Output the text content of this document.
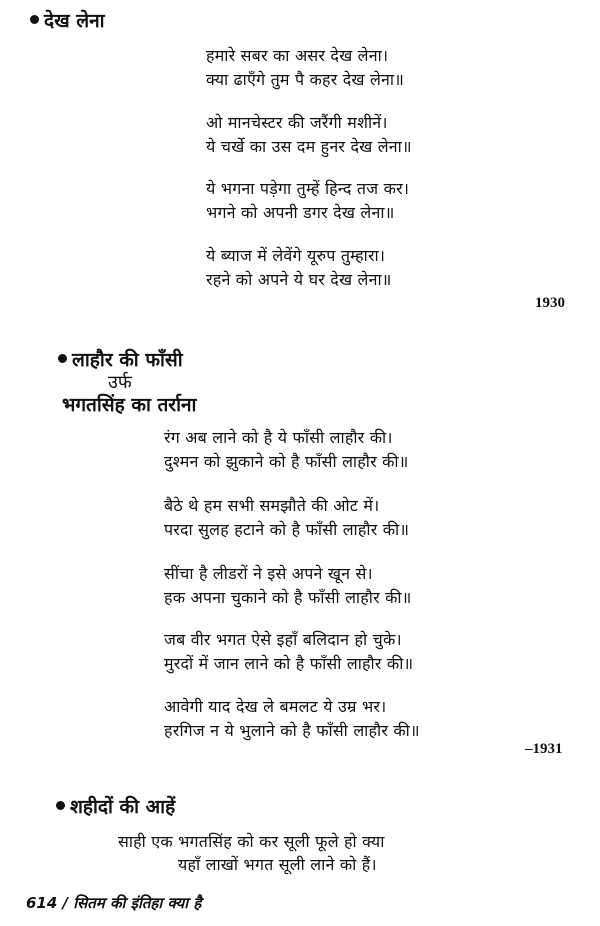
देख लेना
हमारे सबर का असर देख लेना।
क्या ढाएँगे तुम पै कहर देख लेना॥
ओ मानचेस्टर की जरैंगी मशीनें।
ये चर्खे का उस दम हुनर देख लेना॥
ये भगना पड़ेगा तुम्हें हिन्द तज कर।
भगने को अपनी डगर देख लेना॥
ये ब्याज में लेवेंगे यूरुप तुम्हारा।
रहने को अपने ये घर देख लेना॥
1930
लाहौर की फाँसी
उर्फ
भगतसिंह का तर्राना
रंग अब लाने को है ये फाँसी लाहौर की।
दुश्मन को झुकाने को है फाँसी लाहौर की॥
बैठे थे हम सभी समझौते की ओट में।
परदा सुलह हटाने को है फाँसी लाहौर की॥
सींचा है लीडरों ने इसे अपने खून से।
हक अपना चुकाने को है फाँसी लाहौर की॥
जब वीर भगत ऐसे इहाँ बलिदान हो चुके।
मुरदों में जान लाने को है फाँसी लाहौर की॥
आवेगी याद देख ले बमलट ये उम्र भर।
हरगिज न ये भुलाने को है फाँसी लाहौर की॥
–1931
शहीदों की आहें
साही एक भगतसिंह को कर सूली फूले हो क्या
यहाँ लाखों भगत सूली लाने को हैं।
614 / सितम की इंतिहा क्या है
